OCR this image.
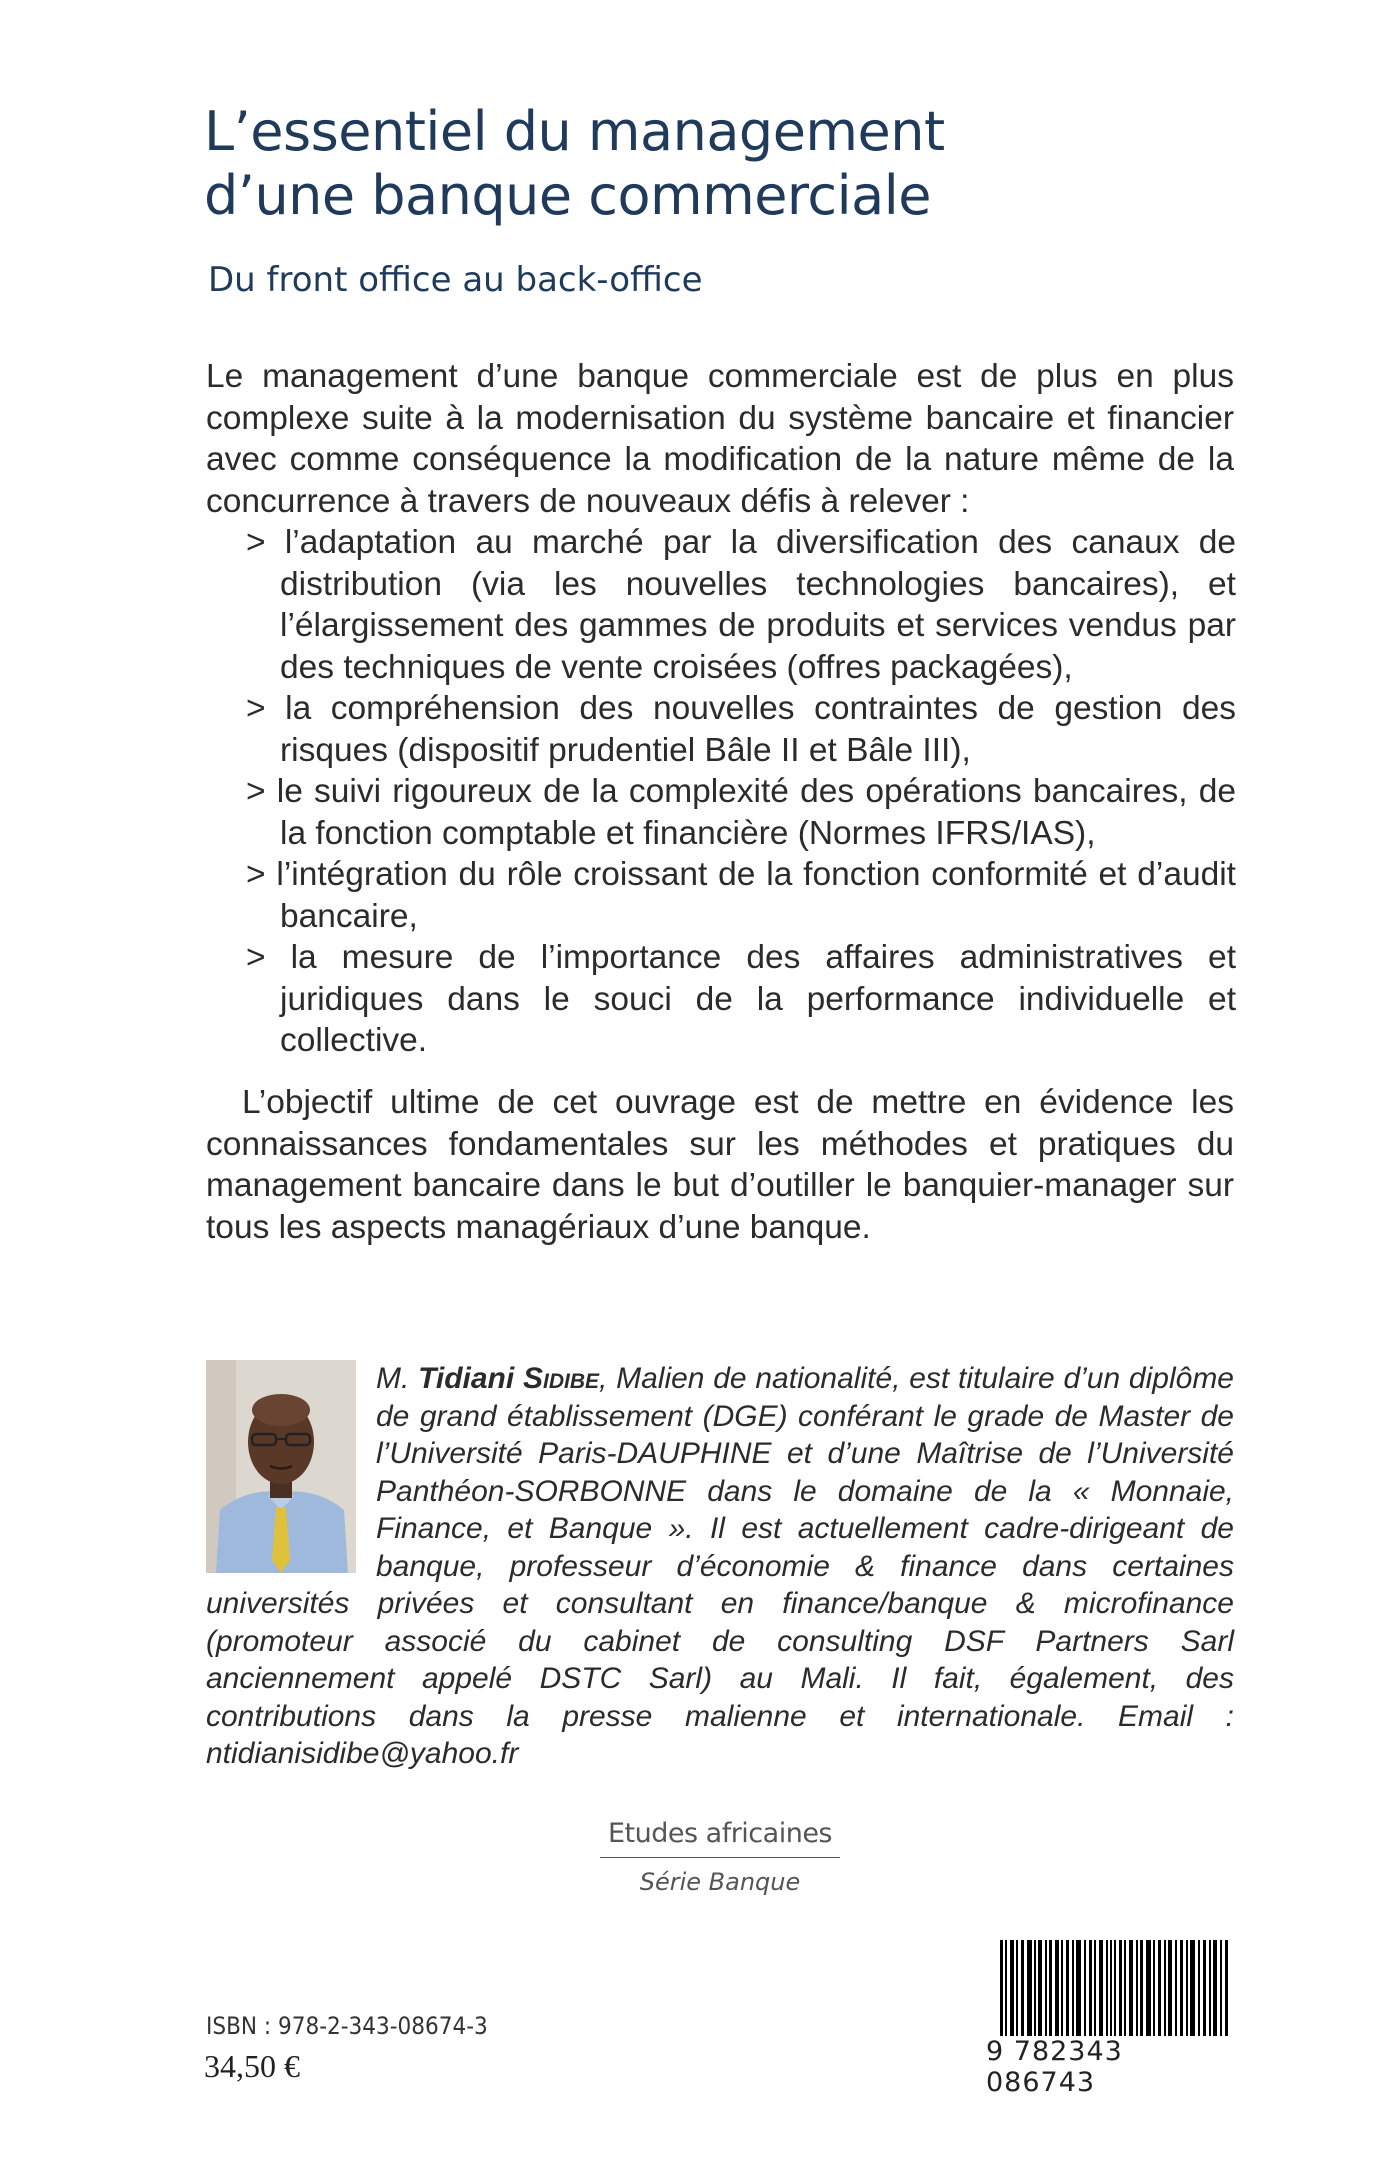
L’essentiel du management
d’une banque commerciale
Du front office au back-office

Le management d’une banque commerciale est de plus en plus complexe suite à la modernisation du système bancaire et financier avec comme conséquence la modification de la nature même de la concurrence à travers de nouveaux défis à relever :

> l’adaptation au marché par la diversification des canaux de distribution (via les nouvelles technologies bancaires), et l’élargissement des gammes de produits et services vendus par des techniques de vente croisées (offres packagées),
> la compréhension des nouvelles contraintes de gestion des risques (dispositif prudentiel Bâle II et Bâle III),
> le suivi rigoureux de la complexité des opérations bancaires, de la fonction comptable et financière (Normes IFRS/IAS),
> l’intégration du rôle croissant de la fonction conformité et d’audit bancaire,
> la mesure de l’importance des affaires administratives et juridiques dans le souci de la performance individuelle et collective.

L’objectif ultime de cet ouvrage est de mettre en évidence les connaissances fondamentales sur les méthodes et pratiques du management bancaire dans le but d’outiller le banquier-manager sur tous les aspects managériaux d’une banque.

M. Tidiani Sidibe, Malien de nationalité, est titulaire d’un diplôme de grand établissement (DGE) conférant le grade de Master de l’Université Paris-DAUPHINE et d’une Maîtrise de l’Université Panthéon-SORBONNE dans le domaine de la « Monnaie, Finance, et Banque ». Il est actuellement cadre-dirigeant de banque, professeur d’économie & finance dans certaines universités privées et consultant en finance/banque & microfinance (promoteur associé du cabinet de consulting DSF Partners Sarl anciennement appelé DSTC Sarl) au Mali. Il fait, également, des contributions dans la presse malienne et internationale. Email : ntidianisidibe@yahoo.fr
Etudes africaines
Série Banque
ISBN : 978-2-343-08674-3
34,50 €	9 782343 086743
